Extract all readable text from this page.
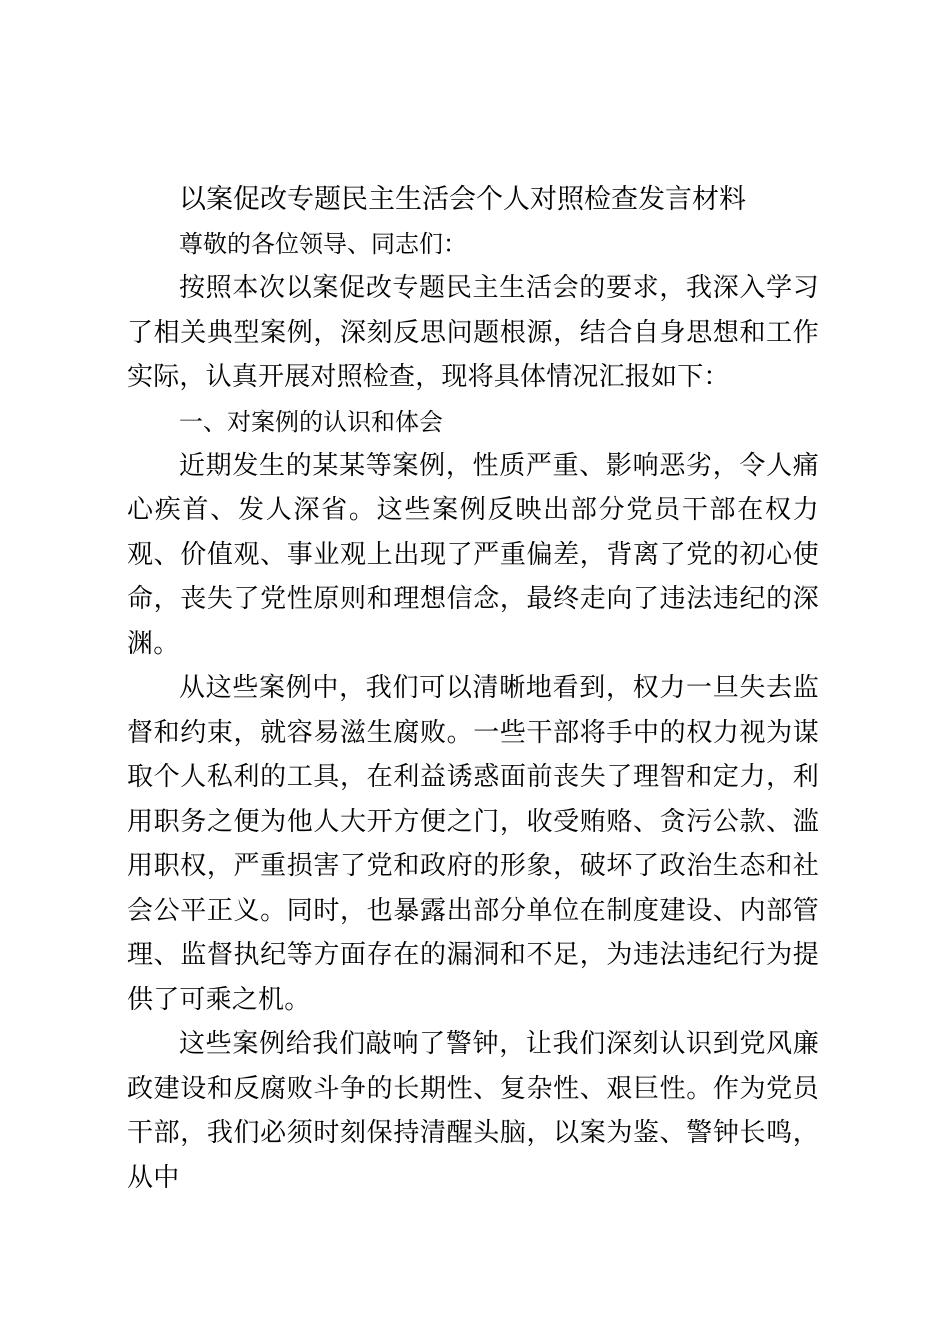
以案促改专题民主生活会个人对照检查发言材料

尊敬的各位领导、同志们：

按照本次以案促改专题民主生活会的要求，我深入学习了相关典型案例，深刻反思问题根源，结合自身思想和工作实际，认真开展对照检查，现将具体情况汇报如下：

一、对案例的认识和体会

近期发生的某某等案例，性质严重、影响恶劣，令人痛心疾首、发人深省。这些案例反映出部分党员干部在权力观、价值观、事业观上出现了严重偏差，背离了党的初心使命，丧失了党性原则和理想信念，最终走向了违法违纪的深渊。

从这些案例中，我们可以清晰地看到，权力一旦失去监督和约束，就容易滋生腐败。一些干部将手中的权力视为谋取个人私利的工具，在利益诱惑面前丧失了理智和定力，利用职务之便为他人大开方便之门，收受贿赂、贪污公款、滥用职权，严重损害了党和政府的形象，破坏了政治生态和社会公平正义。同时，也暴露出部分单位在制度建设、内部管理、监督执纪等方面存在的漏洞和不足，为违法违纪行为提供了可乘之机。

这些案例给我们敲响了警钟，让我们深刻认识到党风廉政建设和反腐败斗争的长期性、复杂性、艰巨性。作为党员干部，我们必须时刻保持清醒头脑，以案为鉴、警钟长鸣，从中
